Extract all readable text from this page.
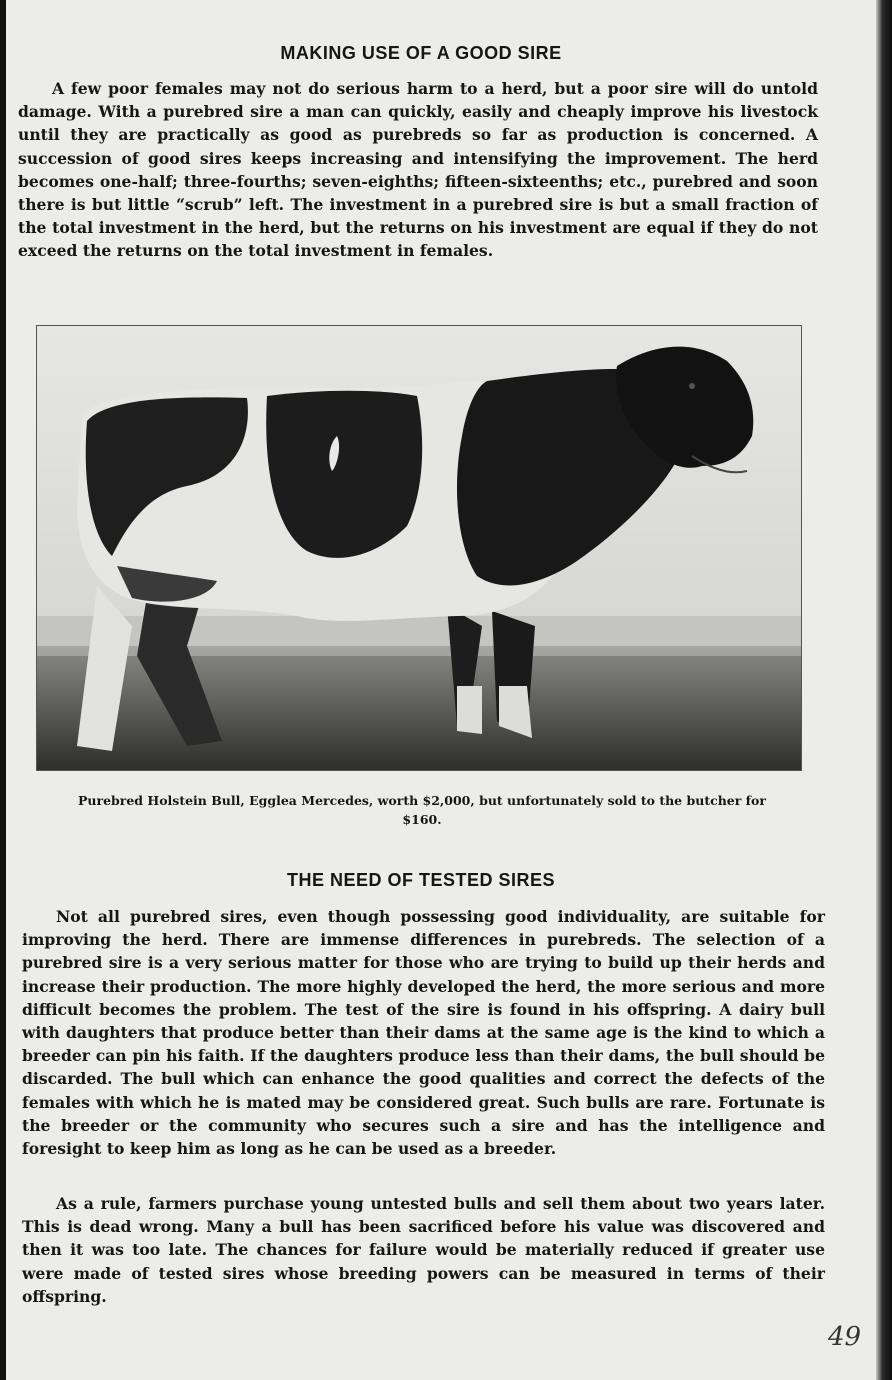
MAKING USE OF A GOOD SIRE

A few poor females may not do serious harm to a herd, but a poor sire will do untold damage. With a purebred sire a man can quickly, easily and cheaply improve his livestock until they are practically as good as purebreds so far as production is concerned. A succession of good sires keeps increasing and intensifying the improvement. The herd becomes one-half; three-fourths; seven-eighths; fifteen-sixteenths; etc., purebred and soon there is but little “scrub” left. The investment in a purebred sire is but a small fraction of the total investment in the herd, but the returns on his investment are equal if they do not exceed the returns on the total investment in females.

Purebred Holstein Bull, Egglea Mercedes, worth $2,000, but unfortunately sold to the butcher for $160.

THE NEED OF TESTED SIRES

Not all purebred sires, even though possessing good individuality, are suitable for improving the herd. There are immense differences in purebreds. The selection of a purebred sire is a very serious matter for those who are trying to build up their herds and increase their production. The more highly developed the herd, the more serious and more difficult becomes the problem. The test of the sire is found in his offspring. A dairy bull with daughters that produce better than their dams at the same age is the kind to which a breeder can pin his faith. If the daughters produce less than their dams, the bull should be discarded. The bull which can enhance the good qualities and correct the defects of the females with which he is mated may be considered great. Such bulls are rare. Fortunate is the breeder or the community who secures such a sire and has the intelligence and foresight to keep him as long as he can be used as a breeder.

As a rule, farmers purchase young untested bulls and sell them about two years later. This is dead wrong. Many a bull has been sacrificed before his value was discovered and then it was too late. The chances for failure would be materially reduced if greater use were made of tested sires whose breeding powers can be measured in terms of their offspring.

49
